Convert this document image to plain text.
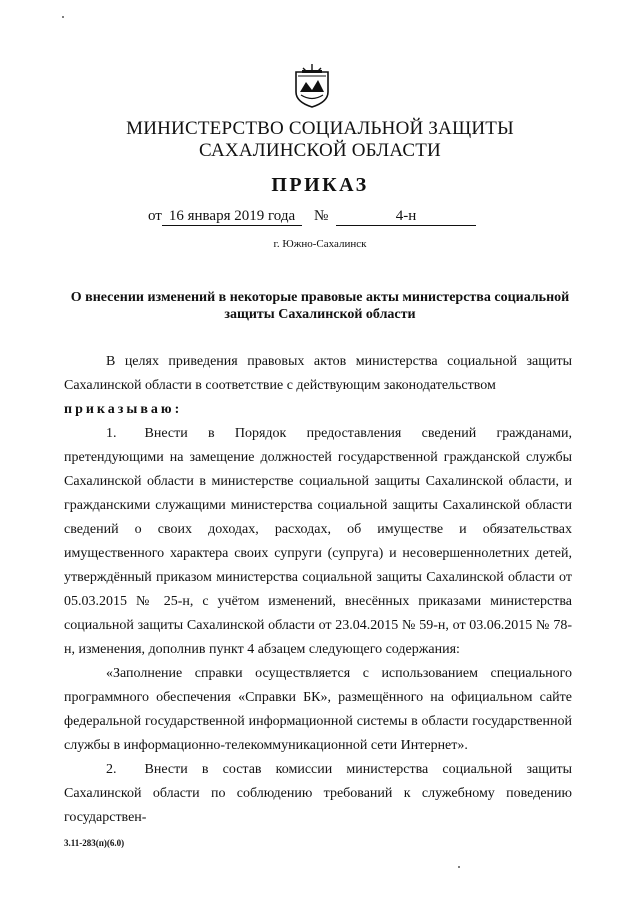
МИНИСТЕРСТВО СОЦИАЛЬНОЙ ЗАЩИТЫ
САХАЛИНСКОЙ ОБЛАСТИ
ПРИКАЗ
от 16 января 2019 года	№	4-н
г. Южно-Сахалинск
О внесении изменений в некоторые правовые акты министерства социальной
защиты Сахалинской области

В целях приведения правовых актов министерства социальной защиты Сахалинской области в соответствие с действующим законодательством

приказываю:

1.  Внести в Порядок предоставления сведений гражданами, претендующими на замещение должностей государственной гражданской службы Сахалинской области в министерстве социальной защиты Сахалинской области, и гражданскими служащими министерства социальной защиты Сахалинской области сведений о своих доходах, расходах, об имуществе и обязательствах имущественного характера своих супруги (супруга) и несовершеннолетних детей, утверждённый приказом министерства социальной защиты Сахалинской области от 05.03.2015 № 25-н, с учётом изменений, внесённых приказами министерства социальной защиты Сахалинской области от 23.04.2015 № 59-н, от 03.06.2015 № 78-н, изменения, дополнив пункт 4 абзацем следующего содержания:

«Заполнение справки осуществляется с использованием специального программного обеспечения «Справки БК», размещённого на официальном сайте федеральной государственной информационной системы в области государственной службы в информационно-телекоммуникационной сети Интернет».

2.  Внести в состав комиссии министерства социальной защиты Сахалинской области по соблюдению требований к служебному поведению государствен-

3.11-283(п)(6.0)
